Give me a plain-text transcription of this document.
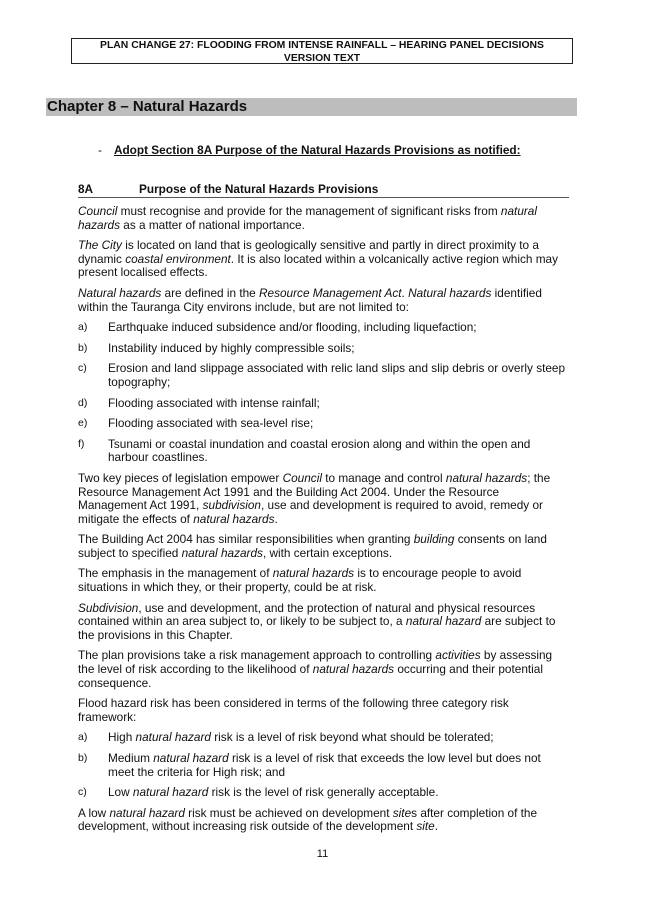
PLAN CHANGE 27: FLOODING FROM INTENSE RAINFALL – HEARING PANEL DECISIONS
VERSION TEXT
Chapter 8 – Natural Hazards
- Adopt Section 8A Purpose of the Natural Hazards Provisions as notified:
8A	Purpose of the Natural Hazards Provisions

Council must recognise and provide for the management of significant risks from natural hazards as a matter of national importance.

The City is located on land that is geologically sensitive and partly in direct proximity to a dynamic coastal environment. It is also located within a volcanically active region which may present localised effects.

Natural hazards are defined in the Resource Management Act. Natural hazards identified within the Tauranga City environs include, but are not limited to:

a)	Earthquake induced subsidence and/or flooding, including liquefaction;
b)	Instability induced by highly compressible soils;
c)	Erosion and land slippage associated with relic land slips and slip debris or overly steep topography;
d)	Flooding associated with intense rainfall;
e)	Flooding associated with sea-level rise;
f)	Tsunami or coastal inundation and coastal erosion along and within the open and harbour coastlines.

Two key pieces of legislation empower Council to manage and control natural hazards; the Resource Management Act 1991 and the Building Act 2004. Under the Resource Management Act 1991, subdivision, use and development is required to avoid, remedy or mitigate the effects of natural hazards.

The Building Act 2004 has similar responsibilities when granting building consents on land subject to specified natural hazards, with certain exceptions.

The emphasis in the management of natural hazards is to encourage people to avoid situations in which they, or their property, could be at risk.

Subdivision, use and development, and the protection of natural and physical resources contained within an area subject to, or likely to be subject to, a natural hazard are subject to the provisions in this Chapter.

The plan provisions take a risk management approach to controlling activities by assessing the level of risk according to the likelihood of natural hazards occurring and their potential consequence.

Flood hazard risk has been considered in terms of the following three category risk framework:

a)	High natural hazard risk is a level of risk beyond what should be tolerated;
b)	Medium natural hazard risk is a level of risk that exceeds the low level but does not meet the criteria for High risk; and
c)	Low natural hazard risk is the level of risk generally acceptable.

A low natural hazard risk must be achieved on development sites after completion of the development, without increasing risk outside of the development site.

11
